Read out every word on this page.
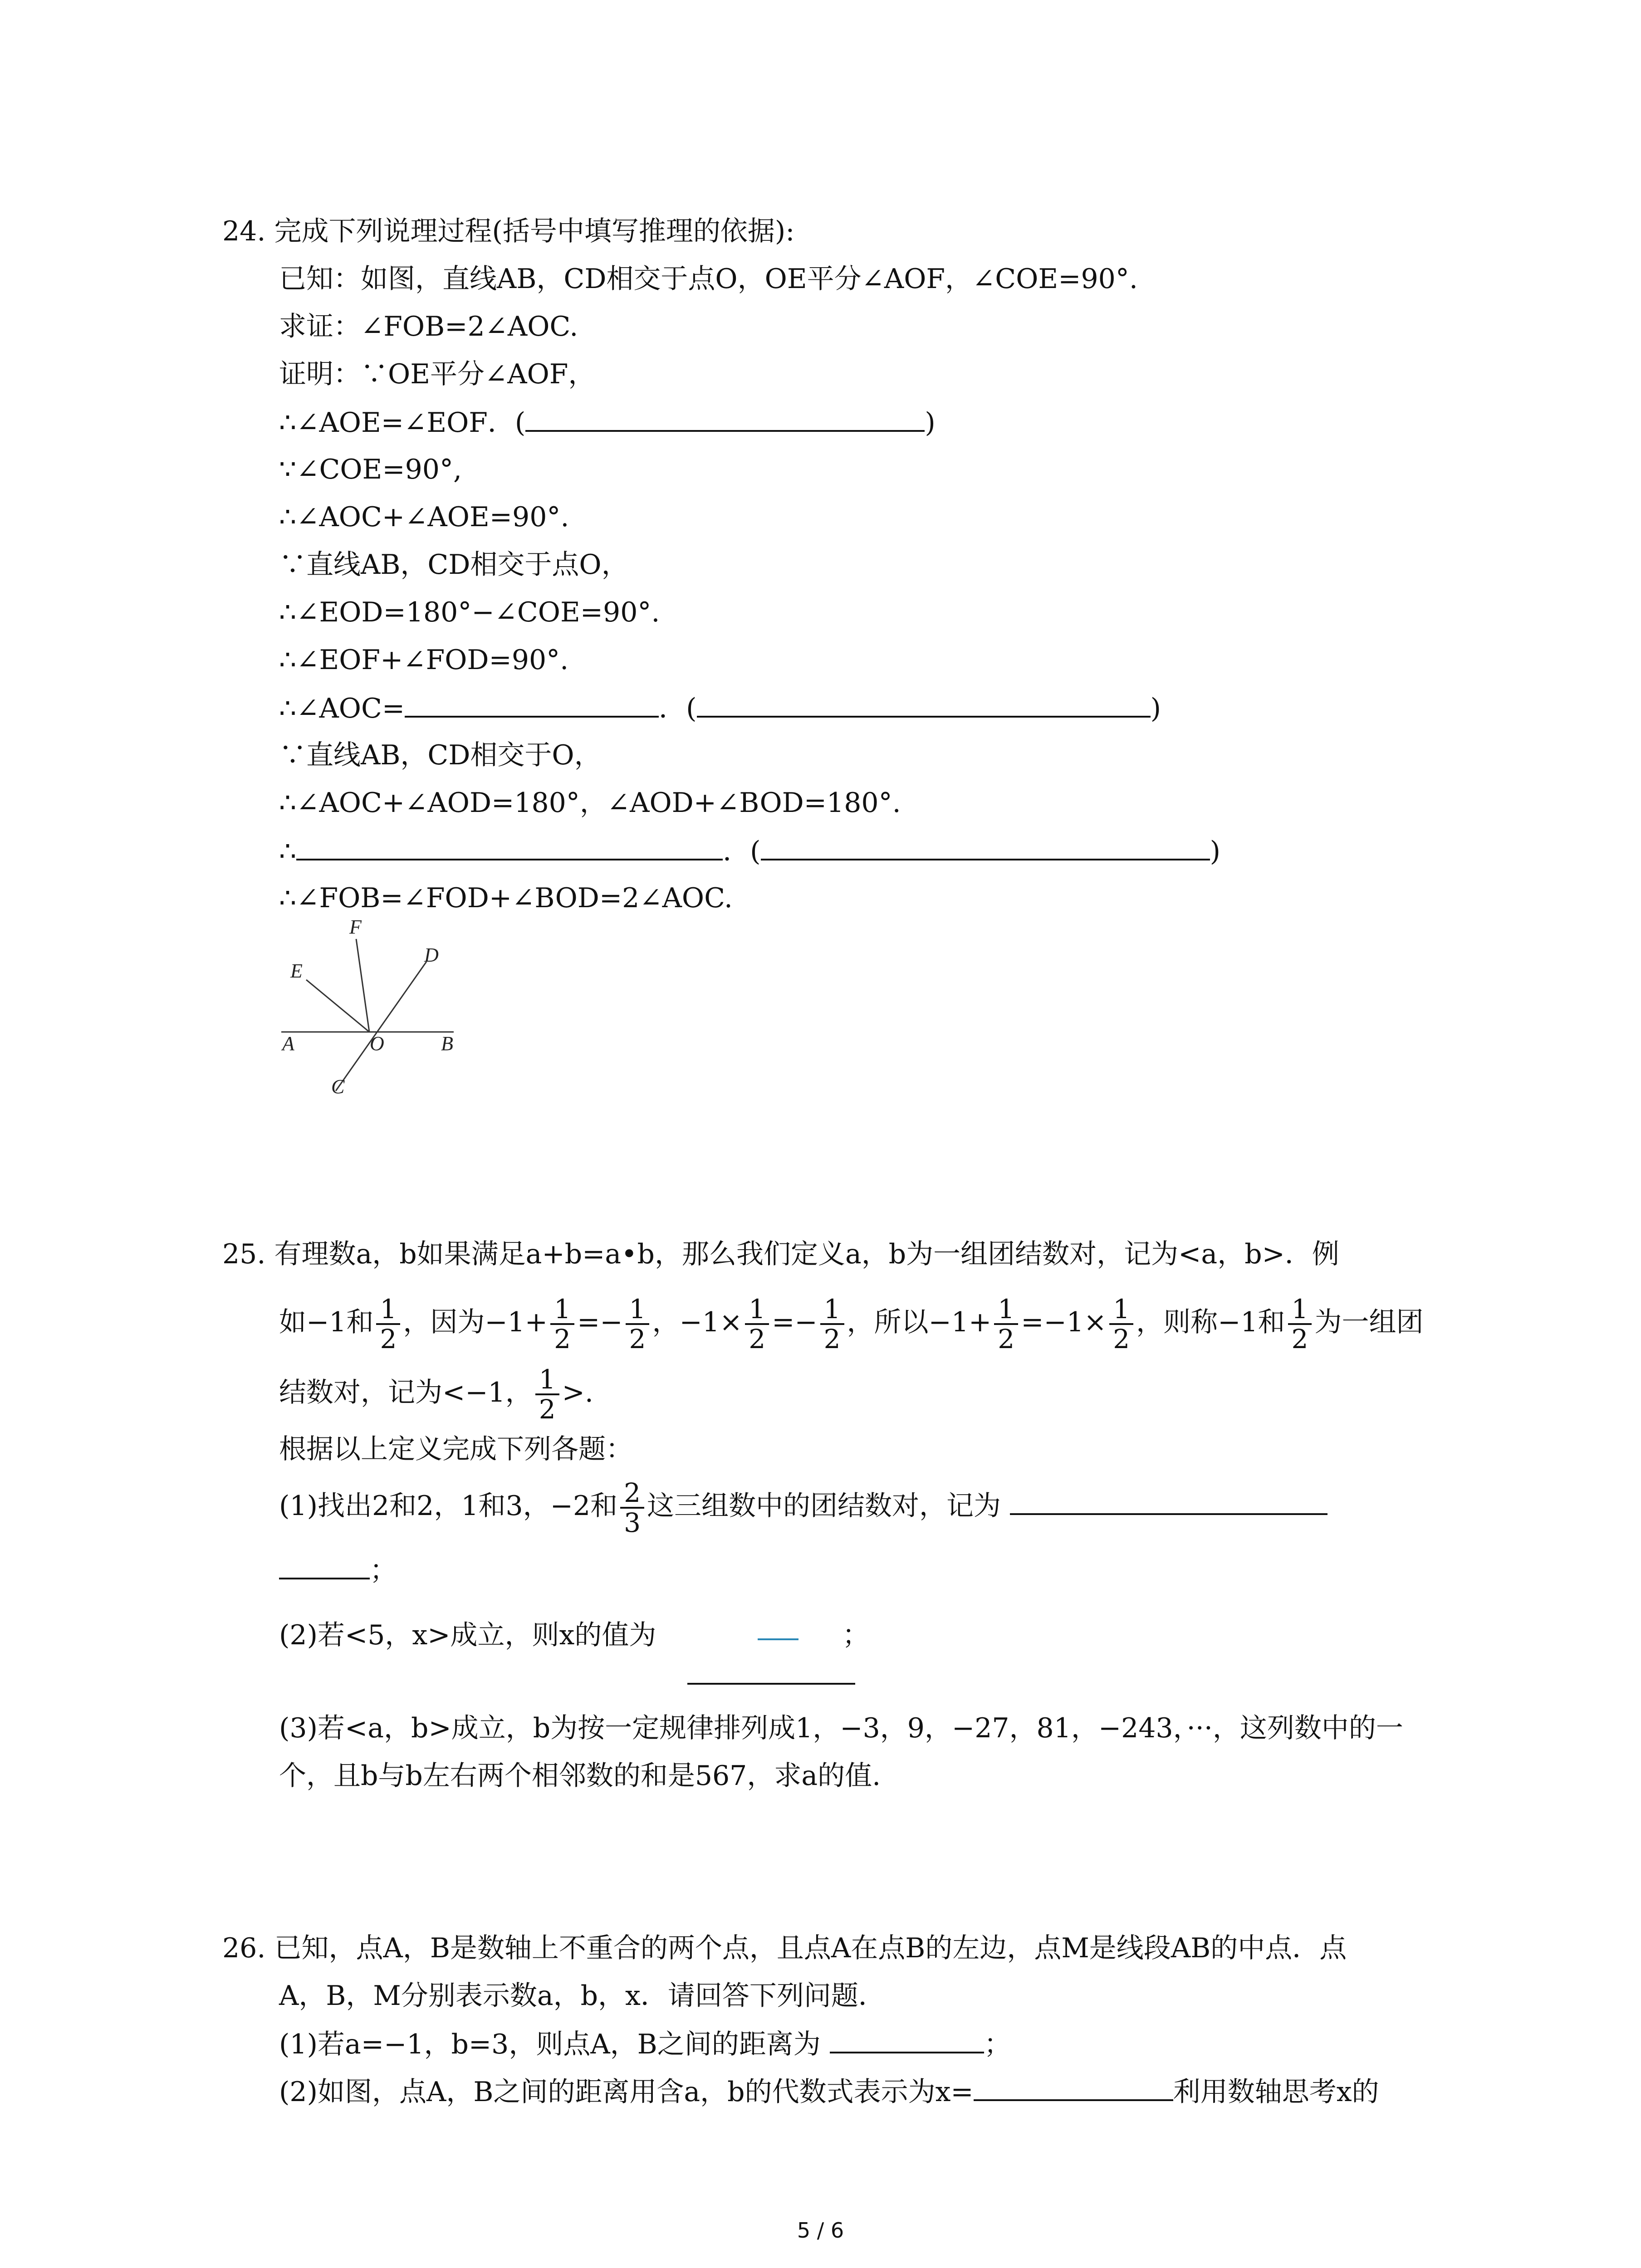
24. 完成下列说理过程(括号中填写推理的依据):
已知：如图，直线AB，CD相交于点O，OE平分∠AOF，∠COE=90°.
求证：∠FOB=2∠AOC.
证明：∵OE平分∠AOF，
∴∠AOE=∠EOF．(	)
∵∠COE=90°,
∴∠AOC+∠AOE=90°.
∵直线AB，CD相交于点O，
∴∠EOD=180°−∠COE=90°.
∴∠EOF+∠FOD=90°.
∴∠AOC=	．(	)
∵直线AB，CD相交于O，
∴∠AOC+∠AOD=180°，∠AOD+∠BOD=180°.
∴	．(	)
∴∠FOB=∠FOD+∠BOD=2∠AOC.
F
E
D
A	O	B
C
25. 有理数a，b如果满足a+b=a•b，那么我们定义a，b为一组团结数对，记为<a，b>．例
如−1和 $\frac{1}{2}$ ，因为$-1+ \frac{1}{2} =- \frac{1}{2}$ ，$-1\times \frac{1}{2} =- \frac{1}{2}$ ，所以$-1+ \frac{1}{2} =-1\times \frac{1}{2}$ ，则称−1和 $\frac{1}{2}$ 为一组团
结数对，记为<−1， $\frac{1}{2}$ >.
根据以上定义完成下列各题：
(1)找出2和2，1和3，−2和 $\frac{2}{3}$ 这三组数中的团结数对，记为
；
(2)若<5，x>成立，则x的值为	；
(3)若<a，b>成立，b为按一定规律排列成1，−3，9，−27，81，−243，···，这列数中的一
个，且b与b左右两个相邻数的和是567，求a的值.
26. 已知，点A，B是数轴上不重合的两个点，且点A在点B的左边，点M是线段AB的中点．点
A，B，M分别表示数a，b，x．请回答下列问题．
(1)若a=−1，b=3，则点A，B之间的距离为	；
(2)如图，点A，B之间的距离用含a，b的代数式表示为x=	利用数轴思考x的
5 / 6
